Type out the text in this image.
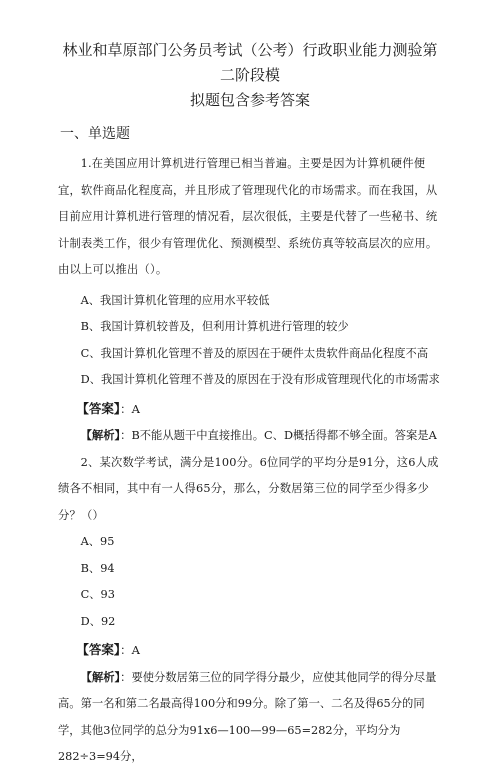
林业和草原部门公务员考试（公考）行政职业能力测验第二阶段模

拟题包含参考答案

一、单选题

1.在美国应用计算机进行管理已相当普遍。主要是因为计算机硬件便宜，软件商品化程度高，并且形成了管理现代化的市场需求。而在我国，从目前应用计算机进行管理的情况看，层次很低，主要是代替了一些秘书、统计制表类工作，很少有管理优化、预测模型、系统仿真等较高层次的应用。由以上可以推出（）。

A、我国计算机化管理的应用水平较低

B、我国计算机较普及，但利用计算机进行管理的较少

C、我国计算机化管理不普及的原因在于硬件太贵软件商品化程度不高

D、我国计算机化管理不普及的原因在于没有形成管理现代化的市场需求

【答案】：A

【解析】：B不能从题干中直接推出。C、D概括得都不够全面。答案是A

2、某次数学考试，满分是100分。6位同学的平均分是91分，这6人成绩各不相同，其中有一人得65分，那么，分数居第三位的同学至少得多少分？（）

A、95

B、94

C、93

D、92

【答案】：A

【解析】：要使分数居第三位的同学得分最少，应使其他同学的得分尽量高。第一名和第二名最高得100分和99分。除了第一、二名及得65分的同学，其他3位同学的总分为91x6—100—99—65=282分，平均分为282÷3=94分，
